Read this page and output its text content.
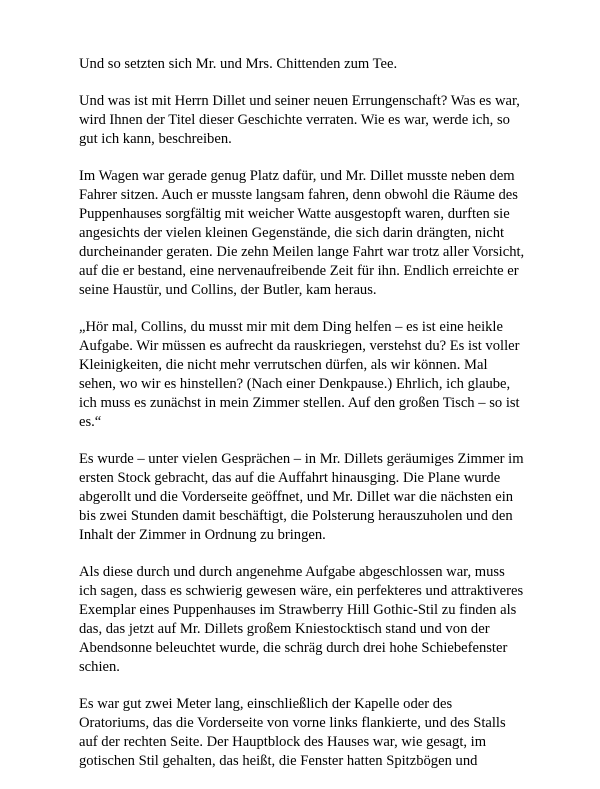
Und so setzten sich Mr. und Mrs. Chittenden zum Tee.

Und was ist mit Herrn Dillet und seiner neuen Errungenschaft? Was es war,
wird Ihnen der Titel dieser Geschichte verraten. Wie es war, werde ich, so
gut ich kann, beschreiben.

Im Wagen war gerade genug Platz dafür, und Mr. Dillet musste neben dem
Fahrer sitzen. Auch er musste langsam fahren, denn obwohl die Räume des
Puppenhauses sorgfältig mit weicher Watte ausgestopft waren, durften sie
angesichts der vielen kleinen Gegenstände, die sich darin drängten, nicht
durcheinander geraten. Die zehn Meilen lange Fahrt war trotz aller Vorsicht,
auf die er bestand, eine nervenaufreibende Zeit für ihn. Endlich erreichte er
seine Haustür, und Collins, der Butler, kam heraus.

„Hör mal, Collins, du musst mir mit dem Ding helfen – es ist eine heikle
Aufgabe. Wir müssen es aufrecht da rauskriegen, verstehst du? Es ist voller
Kleinigkeiten, die nicht mehr verrutschen dürfen, als wir können. Mal
sehen, wo wir es hinstellen? (Nach einer Denkpause.) Ehrlich, ich glaube,
ich muss es zunächst in mein Zimmer stellen. Auf den großen Tisch – so ist
es.“

Es wurde – unter vielen Gesprächen – in Mr. Dillets geräumiges Zimmer im
ersten Stock gebracht, das auf die Auffahrt hinausging. Die Plane wurde
abgerollt und die Vorderseite geöffnet, und Mr. Dillet war die nächsten ein
bis zwei Stunden damit beschäftigt, die Polsterung herauszuholen und den
Inhalt der Zimmer in Ordnung zu bringen.

Als diese durch und durch angenehme Aufgabe abgeschlossen war, muss
ich sagen, dass es schwierig gewesen wäre, ein perfekteres und attraktiveres
Exemplar eines Puppenhauses im Strawberry Hill Gothic-Stil zu finden als
das, das jetzt auf Mr. Dillets großem Kniestocktisch stand und von der
Abendsonne beleuchtet wurde, die schräg durch drei hohe Schiebefenster
schien.

Es war gut zwei Meter lang, einschließlich der Kapelle oder des
Oratoriums, das die Vorderseite von vorne links flankierte, und des Stalls
auf der rechten Seite. Der Hauptblock des Hauses war, wie gesagt, im
gotischen Stil gehalten, das heißt, die Fenster hatten Spitzbögen und
